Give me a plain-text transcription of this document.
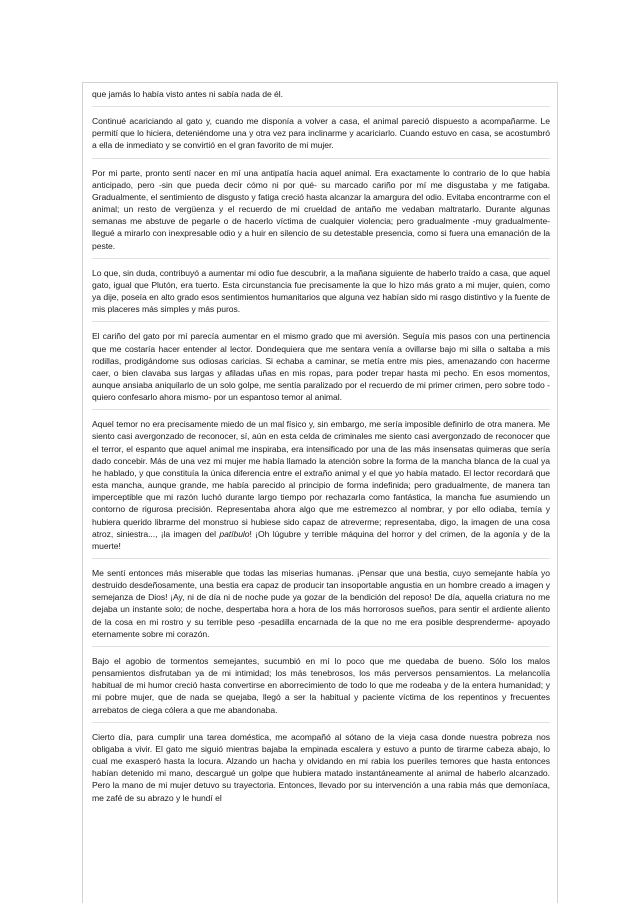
que jamás lo había visto antes ni sabía nada de él.

Continué acariciando al gato y, cuando me disponía a volver a casa, el animal pareció dispuesto a acompañarme. Le permití que lo hiciera, deteniéndome una y otra vez para inclinarme y acariciarlo. Cuando estuvo en casa, se acostumbró a ella de inmediato y se convirtió en el gran favorito de mi mujer.

Por mi parte, pronto sentí nacer en mí una antipatía hacia aquel animal. Era exactamente lo contrario de lo que había anticipado, pero -sin que pueda decir cómo ni por qué- su marcado cariño por mí me disgustaba y me fatigaba. Gradualmente, el sentimiento de disgusto y fatiga creció hasta alcanzar la amargura del odio. Evitaba encontrarme con el animal; un resto de vergüenza y el recuerdo de mi crueldad de antaño me vedaban maltratarlo. Durante algunas semanas me abstuve de pegarle o de hacerlo víctima de cualquier violencia; pero gradualmente -muy gradualmente- llegué a mirarlo con inexpresable odio y a huir en silencio de su detestable presencia, como si fuera una emanación de la peste.

Lo que, sin duda, contribuyó a aumentar mi odio fue descubrir, a la mañana siguiente de haberlo traído a casa, que aquel gato, igual que Plutón, era tuerto. Esta circunstancia fue precisamente la que lo hizo más grato a mi mujer, quien, como ya dije, poseía en alto grado esos sentimientos humanitarios que alguna vez habían sido mi rasgo distintivo y la fuente de mis placeres más simples y más puros.

El cariño del gato por mí parecía aumentar en el mismo grado que mi aversión. Seguía mis pasos con una pertinencia que me costaría hacer entender al lector. Dondequiera que me sentara venía a ovillarse bajo mi silla o saltaba a mis rodillas, prodigándome sus odiosas caricias. Si echaba a caminar, se metía entre mis pies, amenazando con hacerme caer, o bien clavaba sus largas y afiladas uñas en mis ropas, para poder trepar hasta mi pecho. En esos momentos, aunque ansiaba aniquilarlo de un solo golpe, me sentía paralizado por el recuerdo de mi primer crimen, pero sobre todo -quiero confesarlo ahora mismo- por un espantoso temor al animal.

Aquel temor no era precisamente miedo de un mal físico y, sin embargo, me sería imposible definirlo de otra manera. Me siento casi avergonzado de reconocer, sí, aún en esta celda de criminales me siento casi avergonzado de reconocer que el terror, el espanto que aquel animal me inspiraba, era intensificado por una de las más insensatas quimeras que sería dado concebir. Más de una vez mi mujer me había llamado la atención sobre la forma de la mancha blanca de la cual ya he hablado, y que constituía la única diferencia entre el extraño animal y el que yo había matado. El lector recordará que esta mancha, aunque grande, me había parecido al principio de forma indefinida; pero gradualmente, de manera tan imperceptible que mi razón luchó durante largo tiempo por rechazarla como fantástica, la mancha fue asumiendo un contorno de rigurosa precisión. Representaba ahora algo que me estremezco al nombrar, y por ello odiaba, temía y hubiera querido librarme del monstruo si hubiese sido capaz de atreverme; representaba, digo, la imagen de una cosa atroz, siniestra..., ¡la imagen del patíbulo! ¡Oh lúgubre y terrible máquina del horror y del crimen, de la agonía y de la muerte!

Me sentí entonces más miserable que todas las miserias humanas. ¡Pensar que una bestia, cuyo semejante había yo destruido desdeñosamente, una bestia era capaz de producir tan insoportable angustia en un hombre creado a imagen y semejanza de Dios! ¡Ay, ni de día ni de noche pude ya gozar de la bendición del reposo! De día, aquella criatura no me dejaba un instante solo; de noche, despertaba hora a hora de los más horrorosos sueños, para sentir el ardiente aliento de la cosa en mi rostro y su terrible peso -pesadilla encarnada de la que no me era posible desprenderme- apoyado eternamente sobre mi corazón.

Bajo el agobio de tormentos semejantes, sucumbió en mí lo poco que me quedaba de bueno. Sólo los malos pensamientos disfrutaban ya de mi intimidad; los más tenebrosos, los más perversos pensamientos. La melancolía habitual de mi humor creció hasta convertirse en aborrecimiento de todo lo que me rodeaba y de la entera humanidad; y mi pobre mujer, que de nada se quejaba, llegó a ser la habitual y paciente víctima de los repentinos y frecuentes arrebatos de ciega cólera a que me abandonaba.

Cierto día, para cumplir una tarea doméstica, me acompañó al sótano de la vieja casa donde nuestra pobreza nos obligaba a vivir. El gato me siguió mientras bajaba la empinada escalera y estuvo a punto de tirarme cabeza abajo, lo cual me exasperó hasta la locura. Alzando un hacha y olvidando en mi rabia los pueriles temores que hasta entonces habían detenido mi mano, descargué un golpe que hubiera matado instantáneamente al animal de haberlo alcanzado. Pero la mano de mi mujer detuvo su trayectoria. Entonces, llevado por su intervención a una rabia más que demoníaca, me zafé de su abrazo y le hundí el
